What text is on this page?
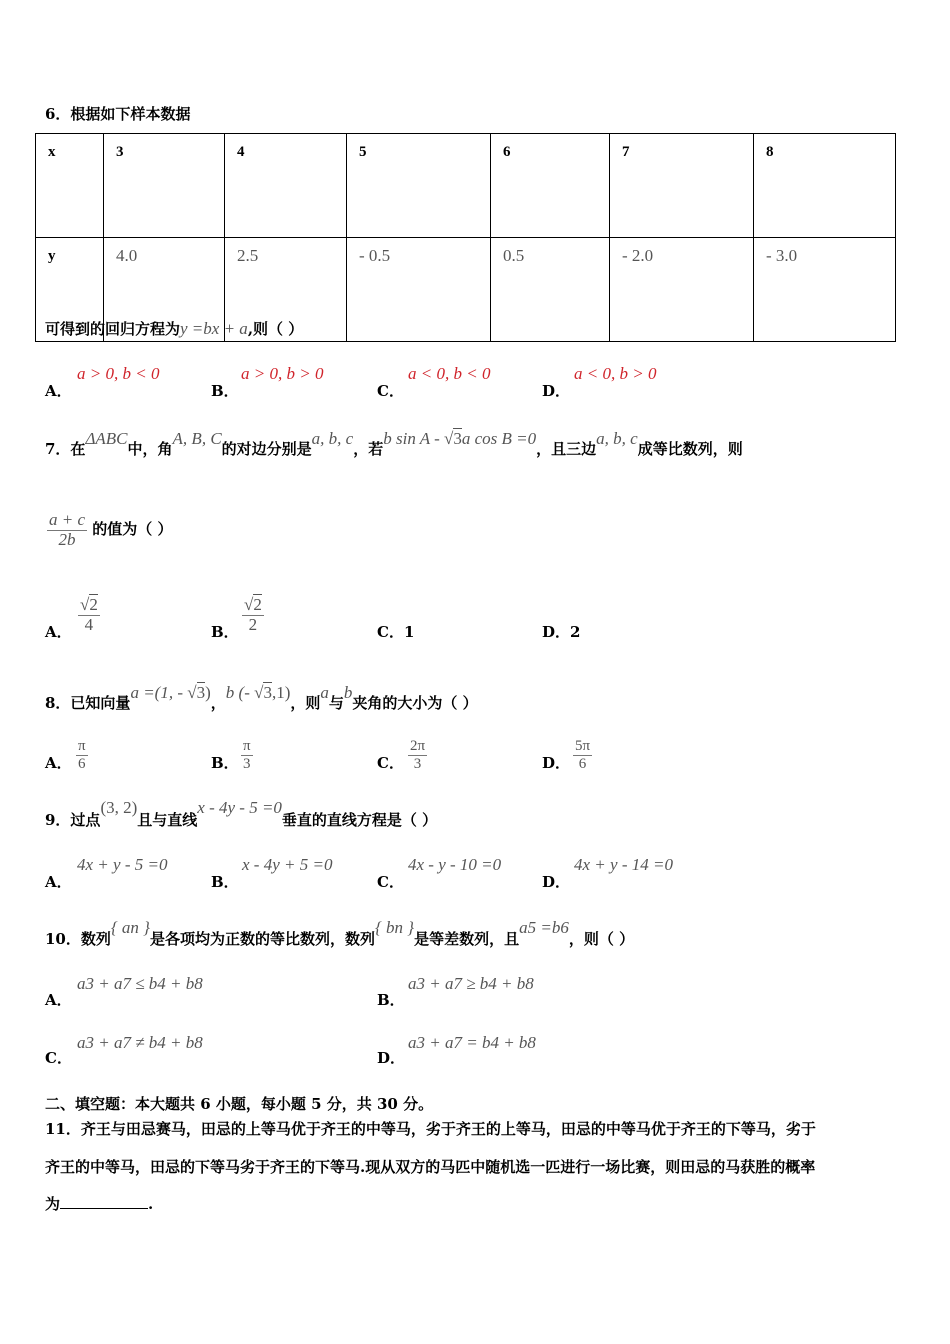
6．根据如下样本数据
x	3	4	5	6	7	8
y	4.0	2.5	- 0.5	0.5	- 2.0	- 3.0
可得到的回归方程为y =bx + a,则（ ）
A．
a > 0, b < 0
B．
a > 0, b > 0
C．
a < 0, b < 0
D．
a < 0, b > 0
7．在ΔABC中，角A, B, C的对边分别是a, b, c，若b sin A - √3a cos B =0，且三边a, b, c成等比数列，则
$\frac{a + c}{2b}$ 的值为（ ）
A． $\frac{√2}{4}$	B． $\frac{√2}{2}$	C．1	D．2
8．已知向量a =(1, - √3)，b (- √3,1)，则a与b夹角的大小为（ ）
A． $\frac{\pi}{6}$	B． $\frac{\pi}{3}$	C． $\frac{2\pi}{3}$	D． $\frac{5\pi}{6}$
9．过点(3, 2)且与直线x - 4y - 5 =0垂直的直线方程是（ ）
A．
4x + y - 5 =0
B．
x - 4y + 5 =0
C．
4x - y - 10 =0
D．
4x + y - 14 =0
10．数列{ an }是各项均为正数的等比数列，数列{ bn }是等差数列，且a5 =b6，则（ ）
A．
a3 + a7 ≤ b4 + b8
B．
a3 + a7 ≥ b4 + b8
C．
a3 + a7 ≠ b4 + b8
D．
a3 + a7 = b4 + b8
二、填空题：本大题共 6 小题，每小题 5 分，共 30 分。
11．齐王与田忌赛马，田忌的上等马优于齐王的中等马，劣于齐王的上等马，田忌的中等马优于齐王的下等马，劣于
齐王的中等马，田忌的下等马劣于齐王的下等马.现从双方的马匹中随机选一匹进行一场比赛，则田忌的马获胜的概率
为	.
